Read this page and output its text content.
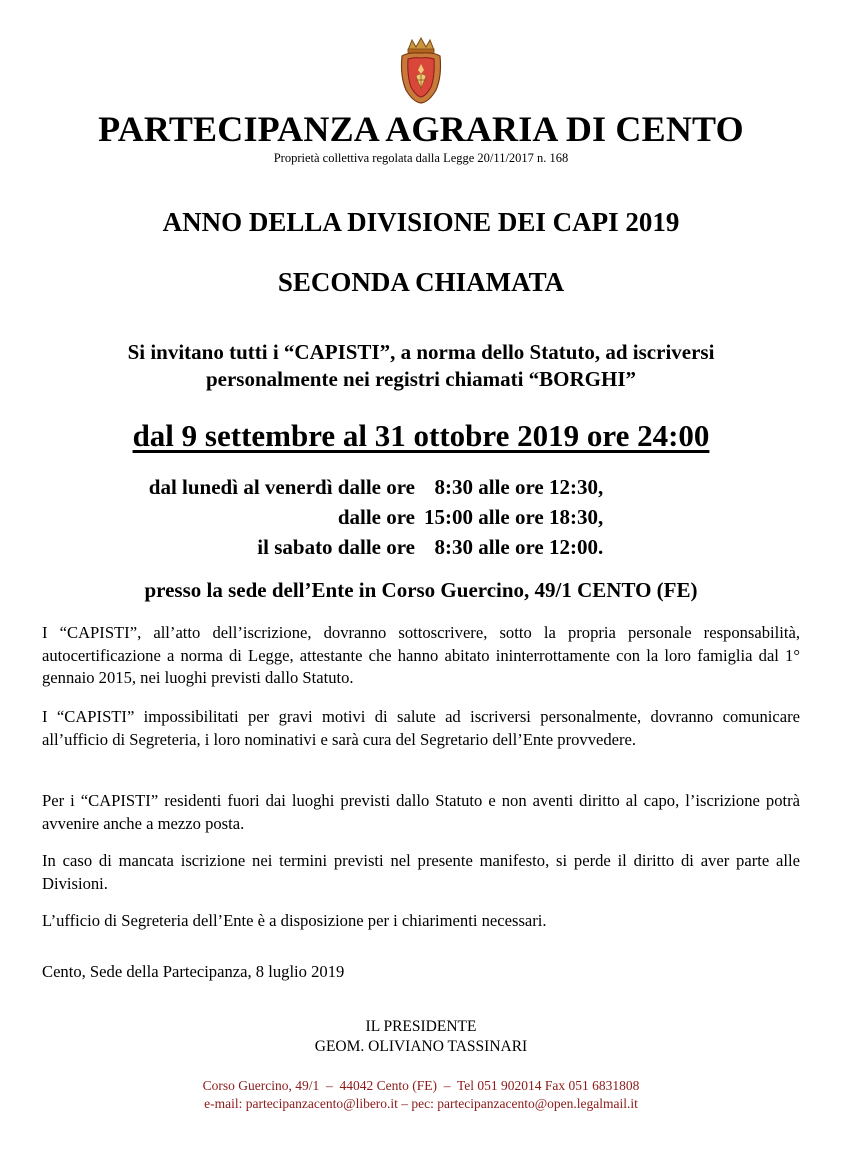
PARTECIPANZA AGRARIA DI CENTO
Proprietà collettiva regolata dalla Legge 20/11/2017 n. 168
ANNO DELLA DIVISIONE DEI CAPI 2019
SECONDA CHIAMATA
Si invitano tutti i “CAPISTI”, a norma dello Statuto, ad iscriversi
personalmente nei registri chiamati “BORGHI”
dal 9 settembre al 31 ottobre 2019 ore 24:00
dal lunedì al venerdì dalle ore 8:30 alle ore 12:30,
dalle ore 15:00 alle ore 18:30,
il sabato dalle ore 8:30 alle ore 12:00.
presso la sede dell’Ente in Corso Guercino, 49/1 CENTO (FE)
I “CAPISTI”, all’atto dell’iscrizione, dovranno sottoscrivere, sotto la propria personale responsabilità, autocertificazione a norma di Legge, attestante che hanno abitato ininterrottamente con la loro famiglia dal 1° gennaio 2015, nei luoghi previsti dallo Statuto.
I “CAPISTI” impossibilitati per gravi motivi di salute ad iscriversi personalmente, dovranno comunicare all’ufficio di Segreteria, i loro nominativi e sarà cura del Segretario dell’Ente provvedere.
Per i “CAPISTI” residenti fuori dai luoghi previsti dallo Statuto e non aventi diritto al capo, l’iscrizione potrà avvenire anche a mezzo posta.
In caso di mancata iscrizione nei termini previsti nel presente manifesto, si perde il diritto di aver parte alle Divisioni.
L’ufficio di Segreteria dell’Ente è a disposizione per i chiarimenti necessari.
Cento, Sede della Partecipanza, 8 luglio 2019
IL PRESIDENTE
GEOM. OLIVIANO TASSINARI
Corso Guercino, 49/1  –  44042 Cento (FE)  –  Tel 051 902014 Fax 051 6831808
e-mail: partecipanzacento@libero.it – pec: partecipanzacento@open.legalmail.it
